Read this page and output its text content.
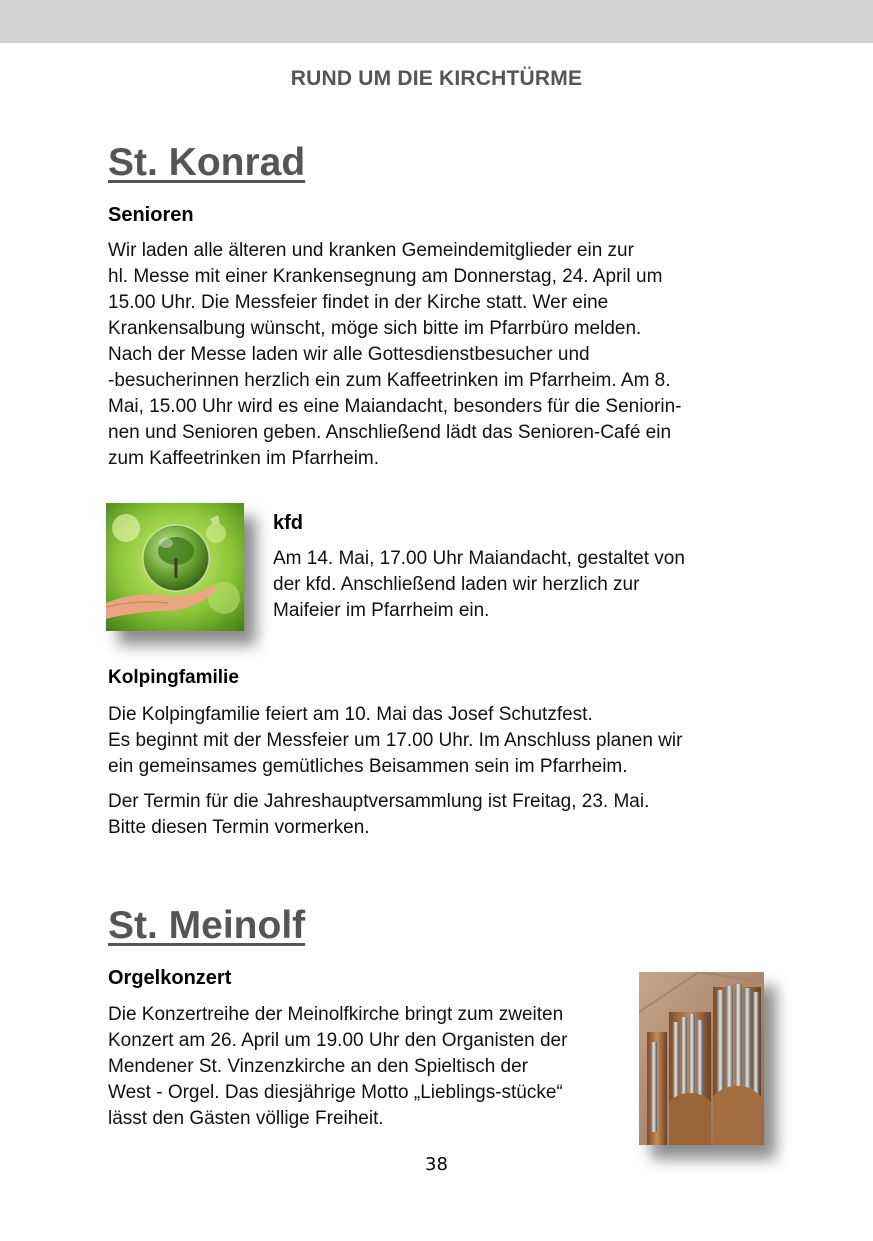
RUND UM DIE KIRCHTÜRME
St. Konrad
Senioren

Wir laden alle älteren und kranken Gemeindemitglieder ein zur
hl. Messe mit einer Krankensegnung am Donnerstag, 24. April um
15.00 Uhr. Die Messfeier findet in der Kirche statt. Wer eine
Krankensalbung wünscht, möge sich bitte im Pfarrbüro melden.
Nach der Messe laden wir alle Gottesdienstbesucher und
-besucherinnen herzlich ein zum Kaffeetrinken im Pfarrheim. Am 8.
Mai, 15.00 Uhr wird es eine Maiandacht, besonders für die Seniorin-
nen und Senioren geben. Anschließend lädt das Senioren-Café ein
zum Kaffeetrinken im Pfarrheim.

kfd

Am 14. Mai, 17.00 Uhr Maiandacht, gestaltet von
der kfd. Anschließend laden wir herzlich zur
Maifeier im Pfarrheim ein.

Kolpingfamilie

Die Kolpingfamilie feiert am 10. Mai das Josef Schutzfest.
Es beginnt mit der Messfeier um 17.00 Uhr. Im Anschluss planen wir
ein gemeinsames gemütliches Beisammen sein im Pfarrheim.

Der Termin für die Jahreshauptversammlung ist Freitag, 23. Mai.
Bitte diesen Termin vormerken.

St. Meinolf
Orgelkonzert

Die Konzertreihe der Meinolfkirche bringt zum zweiten
Konzert am 26. April um 19.00 Uhr den Organisten der
Mendener St. Vinzenzkirche an den Spieltisch der
West - Orgel. Das diesjährige Motto „Lieblings-stücke“
lässt den Gästen völlige Freiheit.

38
